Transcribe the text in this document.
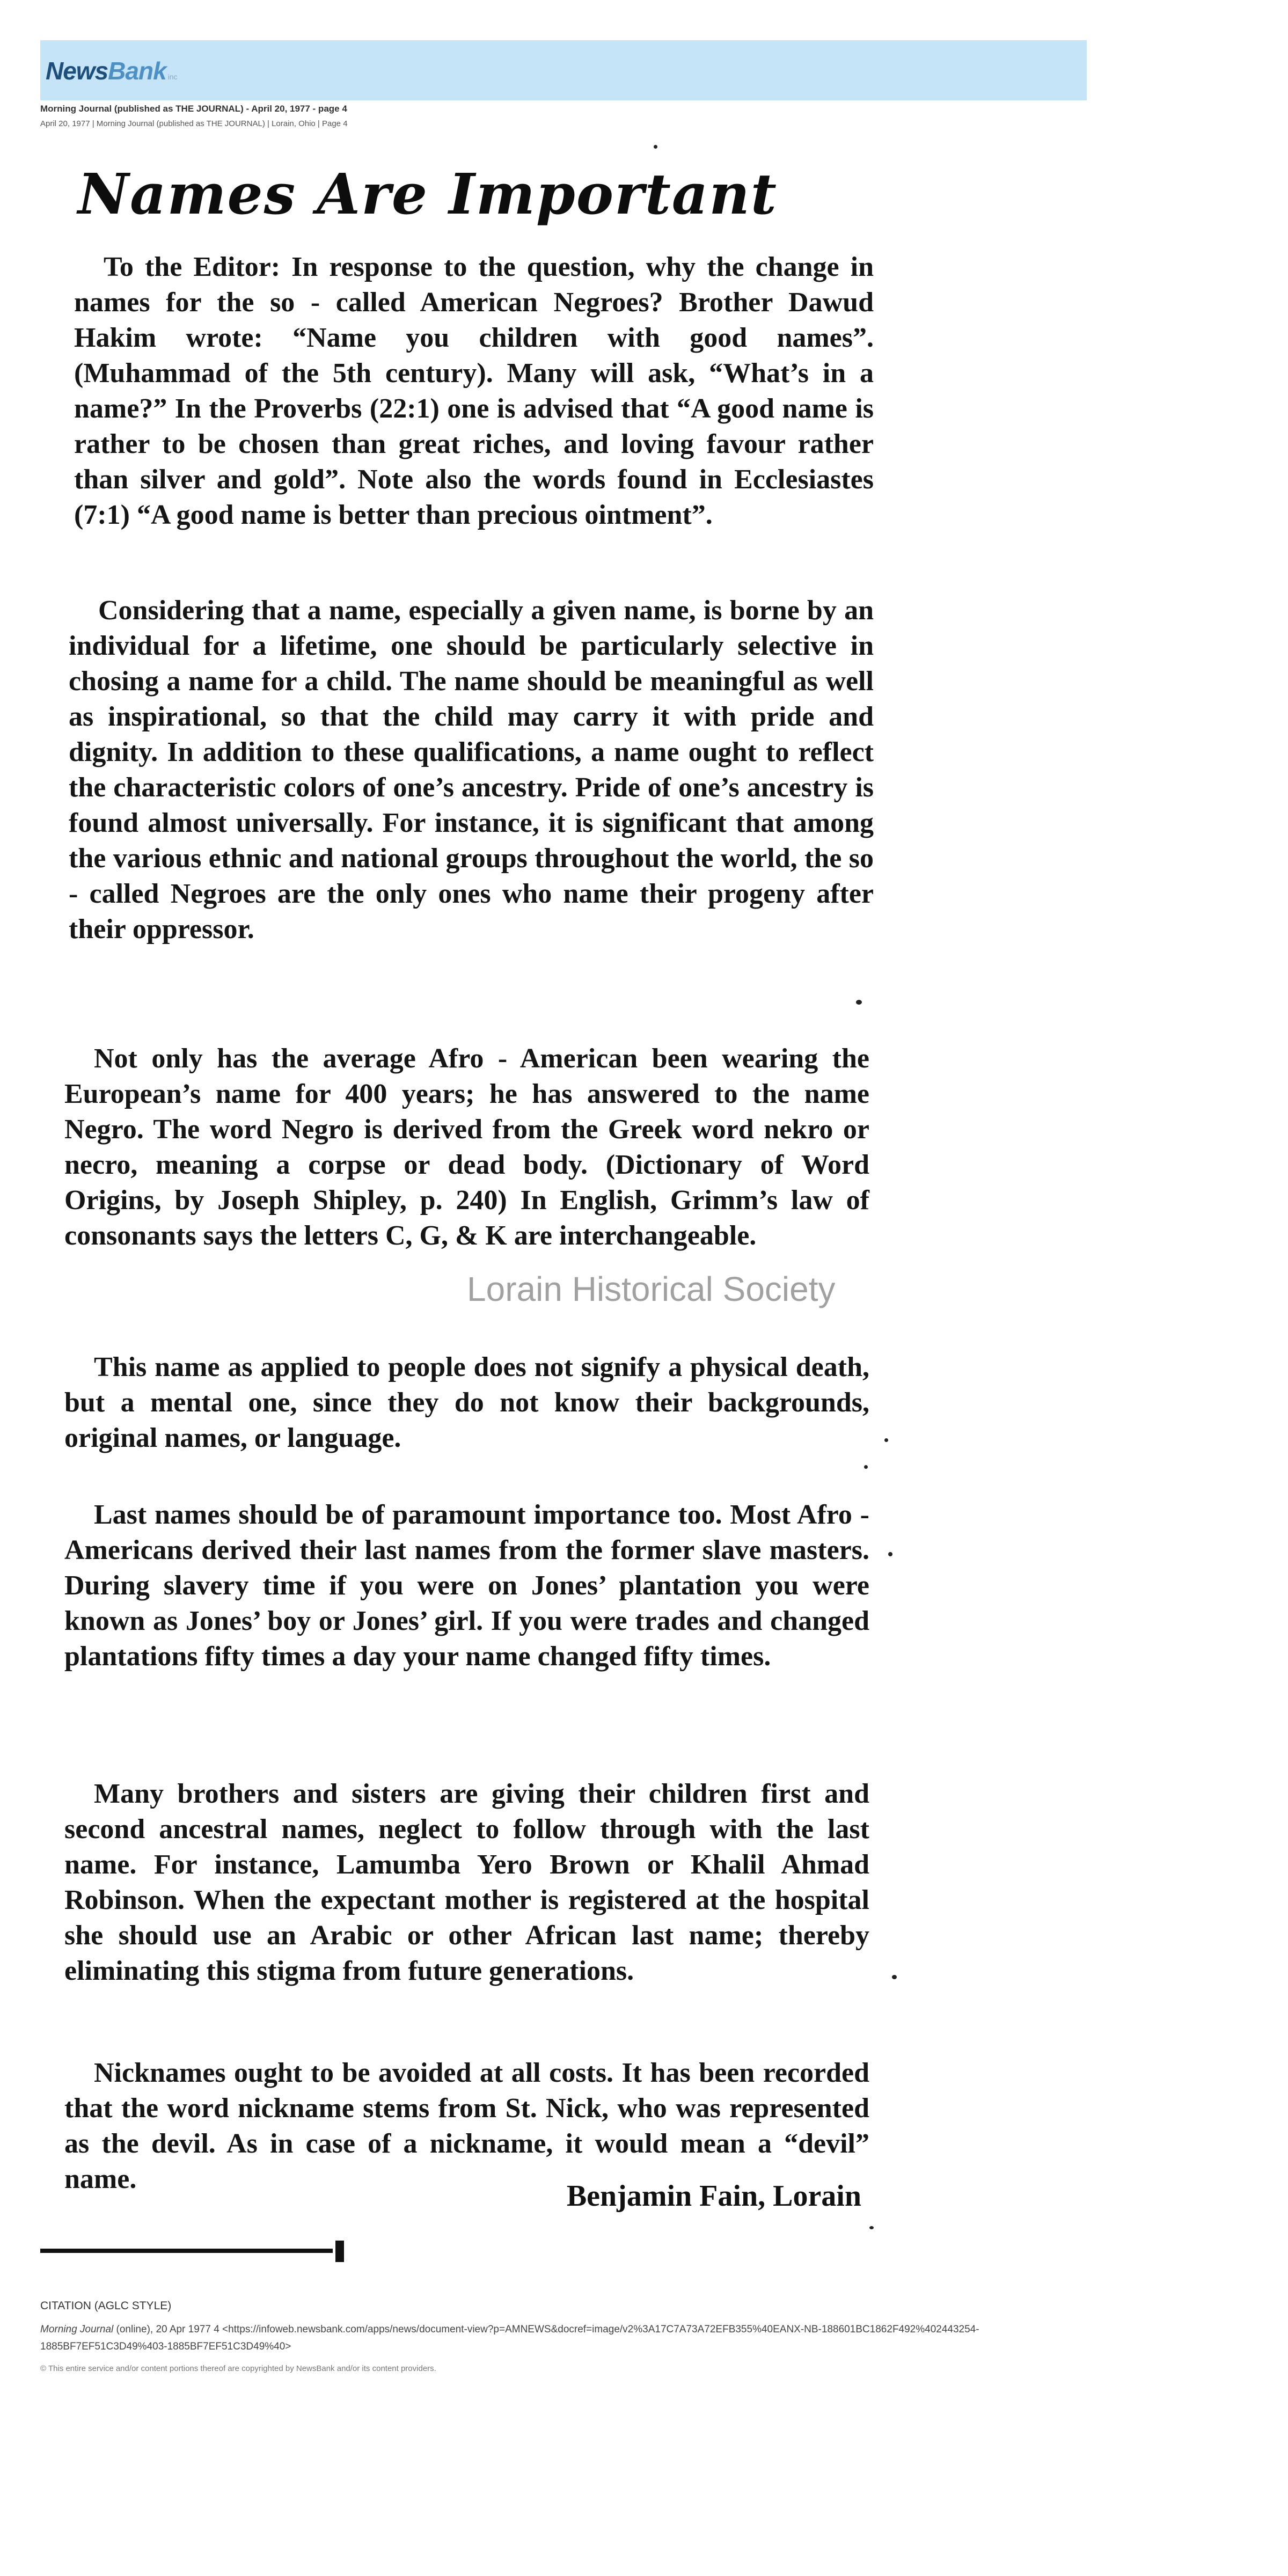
NewsBank inc
Morning Journal (published as THE JOURNAL) - April 20, 1977 - page 4
April 20, 1977 | Morning Journal (published as THE JOURNAL) | Lorain, Ohio | Page 4
Names Are Important

To the Editor: In response to the question, why the change in names for the so - called American Negroes? Brother Dawud Hakim wrote: “Name you children with good names”. (Muhammad of the 5th century). Many will ask, “What’s in a name?” In the Proverbs (22:1) one is advised that “A good name is rather to be chosen than great riches, and loving favour rather than silver and gold”. Note also the words found in Ecclesiastes (7:1) “A good name is better than precious ointment”.

Considering that a name, especially a given name, is borne by an individual for a lifetime, one should be particularly selective in chosing a name for a child. The name should be meaningful as well as inspirational, so that the child may carry it with pride and dignity. In addition to these qualifications, a name ought to reflect the characteristic colors of one’s ancestry. Pride of one’s ancestry is found almost universally. For instance, it is significant that among the various ethnic and national groups throughout the world, the so - called Negroes are the only ones who name their progeny after their oppressor.

Not only has the average Afro - American been wearing the European’s name for 400 years; he has answered to the name Negro. The word Negro is derived from the Greek word nekro or necro, meaning a corpse or dead body. (Dictionary of Word Origins, by Joseph Shipley, p. 240) In English, Grimm’s law of consonants says the letters C, G, & K are interchangeable.

This name as applied to people does not signify a physical death, but a mental one, since they do not know their backgrounds, original names, or language.

Last names should be of paramount importance too. Most Afro - Americans derived their last names from the former slave masters. During slavery time if you were on Jones’ plantation you were known as Jones’ boy or Jones’ girl. If you were trades and changed plantations fifty times a day your name changed fifty times.

Many brothers and sisters are giving their children first and second ancestral names, neglect to follow through with the last name. For instance, Lamumba Yero Brown or Khalil Ahmad Robinson. When the expectant mother is registered at the hospital she should use an Arabic or other African last name; thereby eliminating this stigma from future generations.

Nicknames ought to be avoided at all costs. It has been recorded that the word nickname stems from St. Nick, who was represented as the devil. As in case of a nickname, it would mean a “devil” name.

Benjamin Fain, Lorain

Lorain Historical Society
CITATION (AGLC STYLE)
Morning Journal (online), 20 Apr 1977 4 <https://infoweb.newsbank.com/apps/news/document-view?p=AMNEWS&docref=image/v2%3A17C7A73A72EFB355%40EANX-NB-188601BC1862F492%402443254-1885BF7EF51C3D49%403-1885BF7EF51C3D49%40>
© This entire service and/or content portions thereof are copyrighted by NewsBank and/or its content providers.
